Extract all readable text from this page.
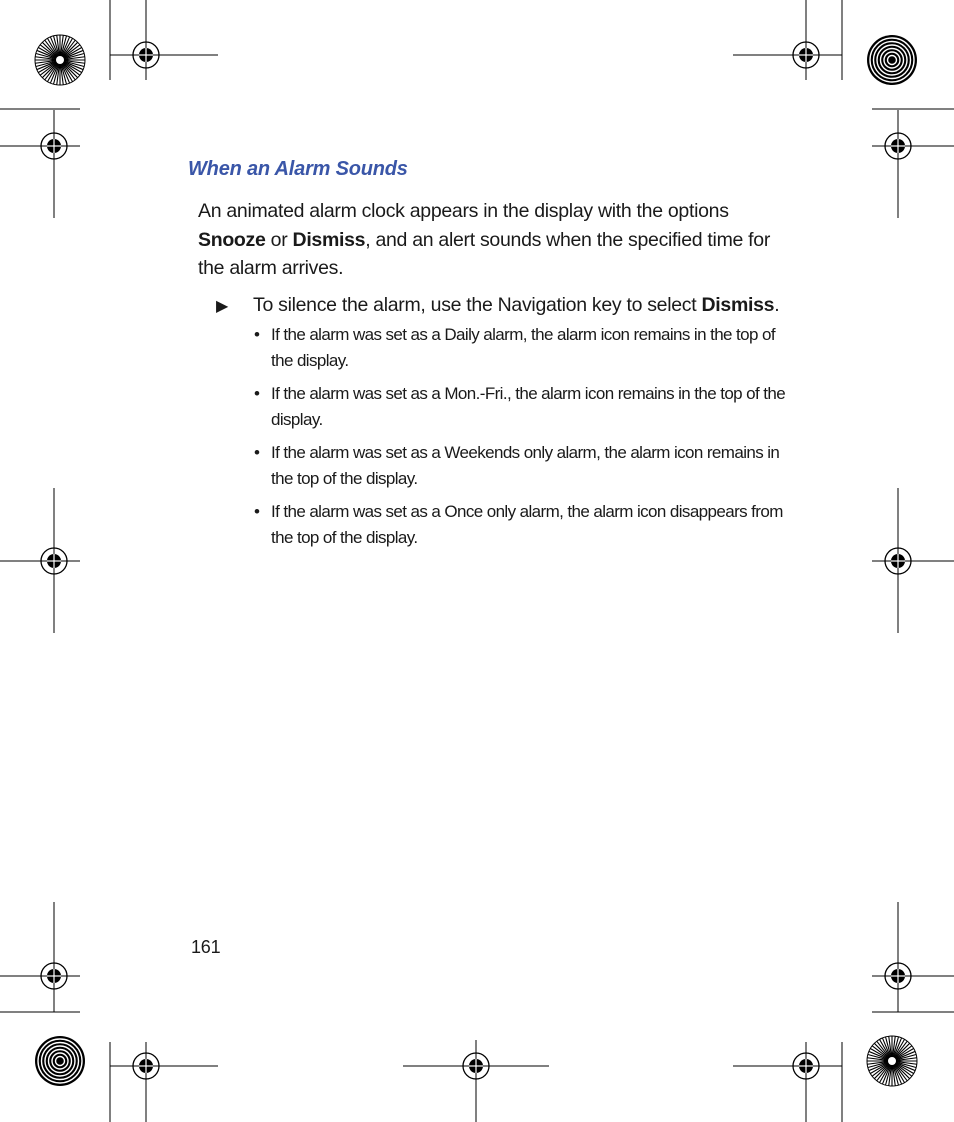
When an Alarm Sounds
An animated alarm clock appears in the display with the options Snooze or Dismiss, and an alert sounds when the specified time for the alarm arrives.
▶ To silence the alarm, use the Navigation key to select Dismiss.
• If the alarm was set as a Daily alarm, the alarm icon remains in the top of the display.
• If the alarm was set as a Mon.-Fri., the alarm icon remains in the top of the display.
• If the alarm was set as a Weekends only alarm, the alarm icon remains in the top of the display.
• If the alarm was set as a Once only alarm, the alarm icon disappears from the top of the display.
161
